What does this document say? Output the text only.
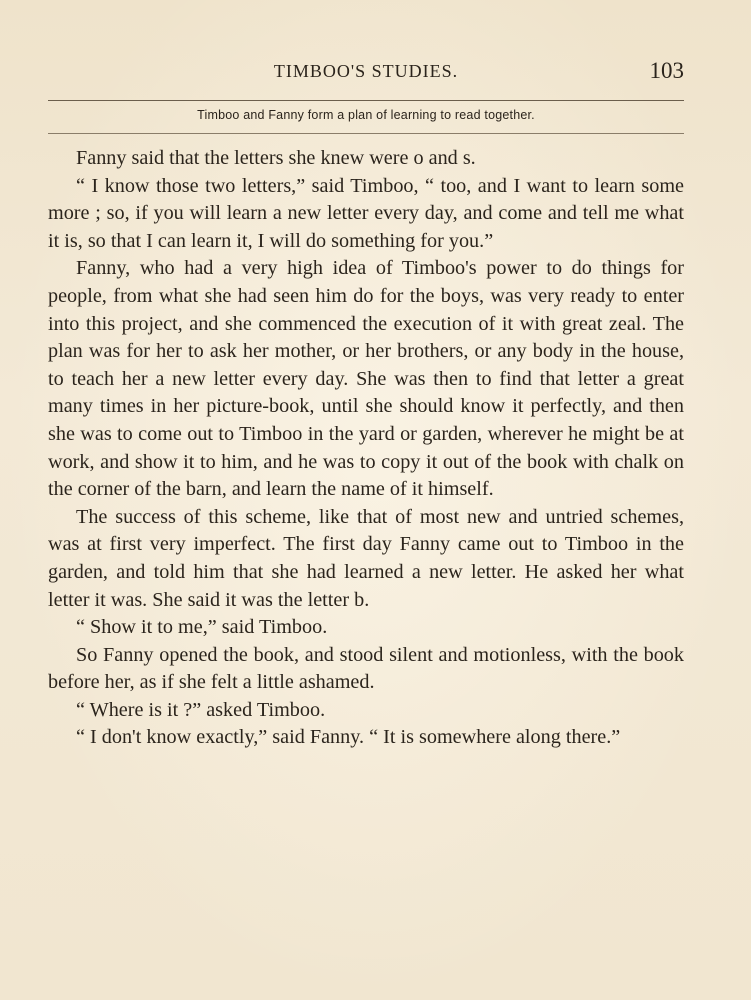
TIMBOO'S STUDIES.	103
Timboo and Fanny form a plan of learning to read together.

Fanny said that the letters she knew were o and s.

“ I know those two letters,” said Timboo, “ too, and I want to learn some more ; so, if you will learn a new letter every day, and come and tell me what it is, so that I can learn it, I will do something for you.”

Fanny, who had a very high idea of Timboo's power to do things for people, from what she had seen him do for the boys, was very ready to enter into this project, and she commenced the execution of it with great zeal. The plan was for her to ask her mother, or her brothers, or any body in the house, to teach her a new letter every day. She was then to find that letter a great many times in her picture-book, until she should know it perfectly, and then she was to come out to Timboo in the yard or garden, wherever he might be at work, and show it to him, and he was to copy it out of the book with chalk on the corner of the barn, and learn the name of it himself.

The success of this scheme, like that of most new and untried schemes, was at first very imperfect. The first day Fanny came out to Timboo in the garden, and told him that she had learned a new letter. He asked her what letter it was. She said it was the letter b.

“ Show it to me,” said Timboo.

So Fanny opened the book, and stood silent and motionless, with the book before her, as if she felt a little ashamed.

“ Where is it ?” asked Timboo.

“ I don't know exactly,” said Fanny. “ It is somewhere along there.”
